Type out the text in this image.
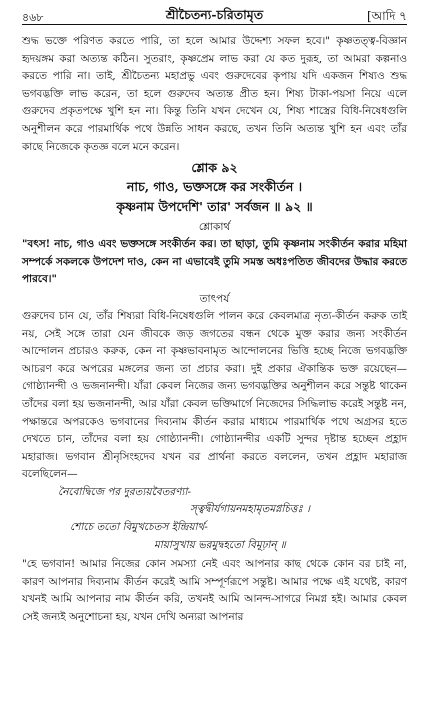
৪৬৮	শ্রীচৈতন্য-চরিতামৃত	[আদি ৭

শুদ্ধ ভক্তে পরিণত করতে পারি, তা হলে আমার উদ্দেশ্য সফল হবে।" কৃষ্ণতত্ত্ব-বিজ্ঞান হৃদয়ঙ্গম করা অত্যন্ত কঠিন। সুতরাং, কৃষ্ণপ্রেম লাভ করা যে কত দুরূহ, তা আমরা কল্পনাও করতে পারি না। তাই, শ্রীচৈতন্য মহাপ্রভু এবং গুরুদেবের কৃপায় যদি একজন শিষ্যও শুদ্ধ ভগবদ্ভক্তি লাভ করেন, তা হলে গুরুদেব অত্যন্ত প্রীত হন। শিষ্য টাকা-পয়সা নিয়ে এলে গুরুদেব প্রকৃতপক্ষে খুশি হন না। কিন্তু তিনি যখন দেখেন যে, শিষ্য শাস্ত্রের বিধি-নিষেধগুলি অনুশীলন করে পারমার্থিক পথে উন্নতি সাধন করছে, তখন তিনি অত্যন্ত খুশি হন এবং তাঁর কাছে নিজেকে কৃতজ্ঞ বলে মনে করেন।

শ্লোক ৯২
নাচ, গাও, ভক্তসঙ্গে কর সংকীর্তন ।
কৃষ্ণনাম উপদেশি' তার' সর্বজন ॥ ৯২ ॥
শ্লোকার্থ

"বৎস! নাচ, গাও এবং ভক্তসঙ্গে সংকীর্তন কর। তা ছাড়া, তুমি কৃষ্ণনাম সংকীর্তন করার মহিমা সম্পর্কে সকলকে উপদেশ দাও, কেন না এভাবেই তুমি সমস্ত অধঃপতিত জীবদের উদ্ধার করতে পারবে।"

তাৎপর্য

গুরুদেব চান যে, তাঁর শিষ্যরা বিধি-নিষেধগুলি পালন করে কেবলমাত্র নৃত্য-কীর্তন করুক তাই নয়, সেই সঙ্গে তারা যেন জীবকে জড় জগতের বন্ধন থেকে মুক্ত করার জন্য সংকীর্তন আন্দোলন প্রচারও করুক, কেন না কৃষ্ণভাবনামৃত আন্দোলনের ভিত্তি হচ্ছে নিজে ভগবদ্ভক্তি আচরণ করে অপরের মঙ্গলের জন্য তা প্রচার করা। দুই প্রকার ঐকান্তিক ভক্ত রয়েছেন—গোষ্ঠ্যানন্দী ও ভজনানন্দী। যাঁরা কেবল নিজের জন্য ভগবদ্ভক্তির অনুশীলন করে সন্তুষ্ট থাকেন তাঁদের বলা হয় ভজনানন্দী, আর যাঁরা কেবল ভক্তিমার্গে নিজেদের সিদ্ধিলাভ করেই সন্তুষ্ট নন, পক্ষান্তরে অপরকেও ভগবানের দিব্যনাম কীর্তন করার মাধ্যমে পারমার্থিক পথে অগ্রসর হতে দেখতে চান, তাঁদের বলা হয় গোষ্ঠ্যানন্দী। গোষ্ঠ্যানন্দীর একটি সুন্দর দৃষ্টান্ত হচ্ছেন প্রহ্লাদ মহারাজ। ভগবান শ্রীনৃসিংহদেব যখন বর প্রার্থনা করতে বললেন, তখন প্রহ্লাদ মহারাজ বলেছিলেন—

নৈবোদ্বিজে পর দুরত্যয়বৈতরণ্যা-
স্ত্বদ্বীর্যগায়নমহামৃতমগ্নচিত্তঃ ।
শোচে ততো বিমুখচেতস ইন্দ্রিয়ার্থ-
মায়াসুখায় ভরমুদ্বহতো বিমূঢ়ান্ ॥

"হে ভগবান! আমার নিজের কোন সমস্যা নেই এবং আপনার কাছ থেকে কোন বর চাই না, কারণ আপনার দিব্যনাম কীর্তন করেই আমি সম্পূর্ণরূপে সন্তুষ্ট। আমার পক্ষে এই যথেষ্ট, কারণ যখনই আমি আপনার নাম কীর্তন করি, তখনই আমি আনন্দ-সাগরে নিমগ্ন হই। আমার কেবল সেই জন্যই অনুশোচনা হয়, যখন দেখি অন্যরা আপনার
